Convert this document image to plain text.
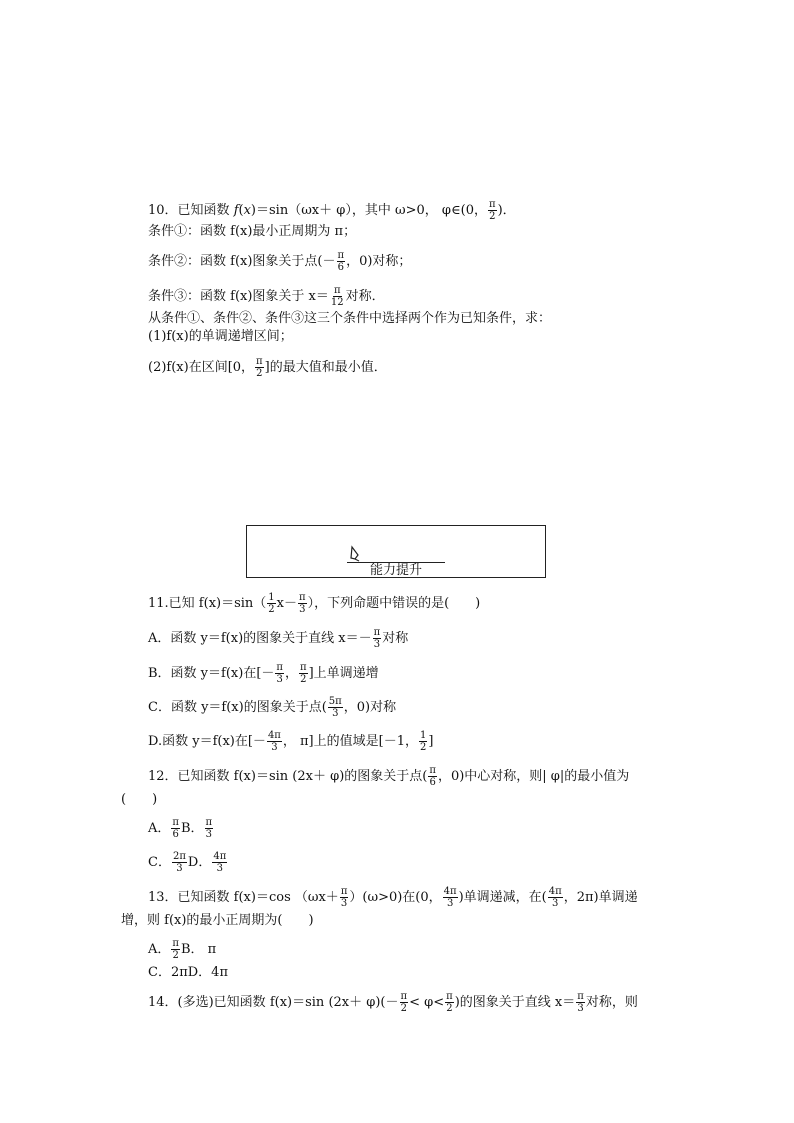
10．已知函数 f(x)＝sin（ωx＋ φ），其中 ω>0， φ∈(0， $\frac{\pi}{2}$ )．
条件①：函数 f(x)最小正周期为 π；
条件②：函数 f(x)图象关于点(－ $\frac{\pi}{6}$ ，0)对称；
条件③：函数 f(x)图象关于 $x= \frac{\pi}{12}$ 对称．
从条件①、条件②、条件③这三个条件中选择两个作为已知条件，求：
(1)f(x)的单调递增区间；
(2)f(x)在区间[0， $\frac{\pi}{2}$ ]的最大值和最小值．
能力提升
11.已知 $f(x)=\sin( \frac{1}{2} x- \frac{\pi}{3}$ ），下列命题中错误的是(　　)
A．函数 y＝f(x)的图象关于直线 $x=- \frac{\pi}{3}$ 对称
B．函数 y＝f(x)在[－ $\frac{\pi}{3}$ ， $\frac{\pi}{2}$ ]上单调递增
C．函数 y＝f(x)的图象关于点( $\frac{5\pi}{3}$ ，0)对称
D.函数 y＝f(x)在[－ $\frac{4\pi}{3}$ ， π]上的值域是[－1， $\frac{1}{2}$ ]
12．已知函数 f(x)＝sin (2x＋ φ)的图象关于点( $\frac{\pi}{6}$ ，0)中心对称，则| φ|的最小值为
(　　)
A． $\frac{\pi}{6}$ B． $\frac{\pi}{3}$
C． $\frac{2\pi}{3}$ D． $\frac{4\pi}{3}$
13．已知函数 f(x)＝cos $(\omega x+ \frac{\pi}{3} )(\omega>0)$在(0， $\frac{4\pi}{3}$ )单调递减，在( $\frac{4\pi}{3}$ ，2π)单调递
增，则 f(x)的最小正周期为(　　)
A． $\frac{\pi}{2}$ B． π
C．2πD．4π
14．(多选)已知函数 f(x)＝sin $(2x+ \varphi)(- \frac{\pi}{2} < \varphi< \frac{\pi}{2}$ )的图象关于直线 $x= \frac{\pi}{3}$ 对称，则
